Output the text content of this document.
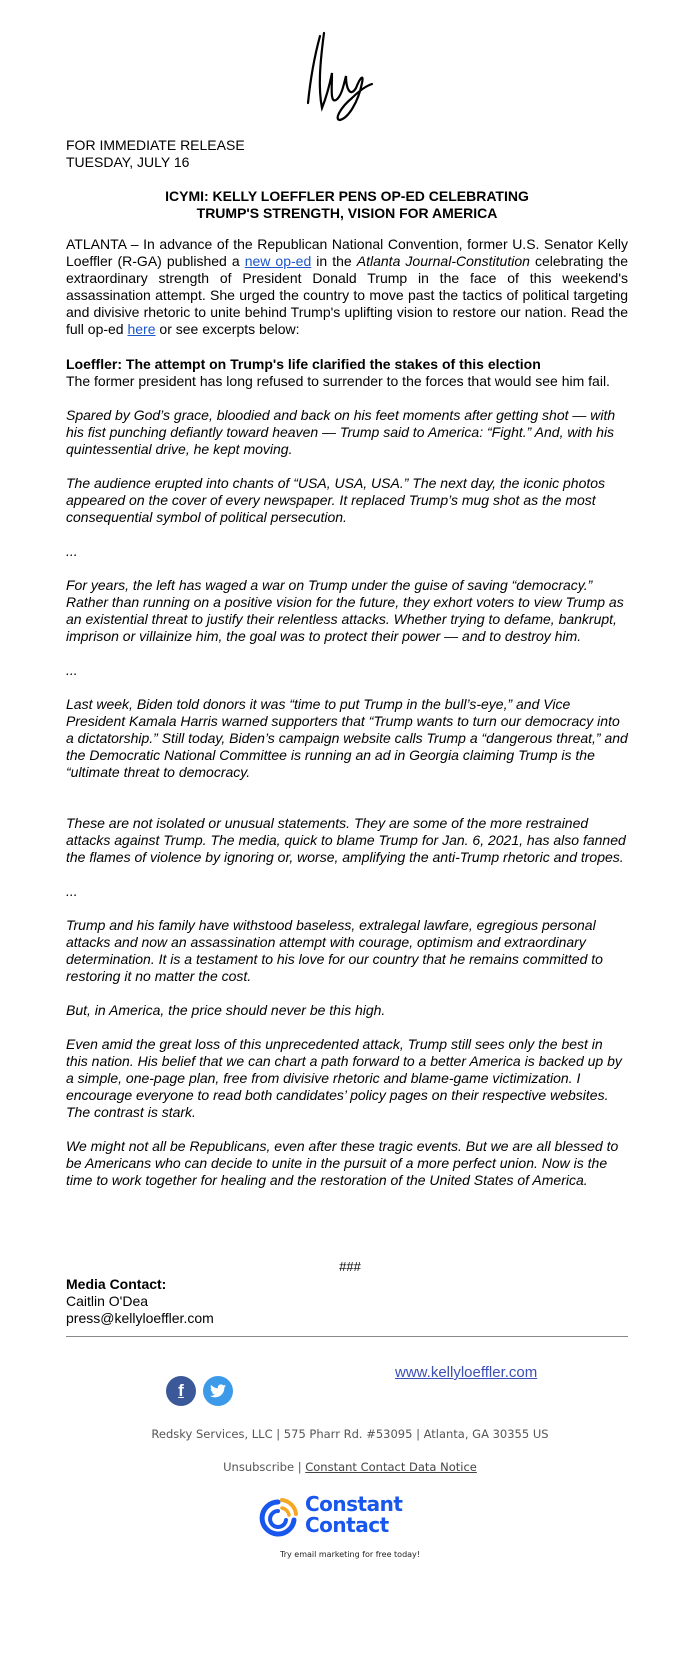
FOR IMMEDIATE RELEASE
TUESDAY, JULY 16
ICYMI: KELLY LOEFFLER PENS OP-ED CELEBRATING
TRUMP'S STRENGTH, VISION FOR AMERICA
ATLANTA – In advance of the Republican National Convention, former U.S. Senator Kelly Loeffler (R-GA) published a new op-ed in the Atlanta Journal-Constitution celebrating the extraordinary strength of President Donald Trump in the face of this weekend's assassination attempt. She urged the country to move past the tactics of political targeting and divisive rhetoric to unite behind Trump's uplifting vision to restore our nation. Read the full op-ed here or see excerpts below:

Loeffler: The attempt on Trump's life clarified the stakes of this election
The former president has long refused to surrender to the forces that would see him fail.

Spared by God’s grace, bloodied and back on his feet moments after getting shot — with his fist punching defiantly toward heaven — Trump said to America: “Fight.” And, with his quintessential drive, he kept moving.

The audience erupted into chants of “USA, USA, USA.” The next day, the iconic photos appeared on the cover of every newspaper. It replaced Trump’s mug shot as the most consequential symbol of political persecution.

...

For years, the left has waged a war on Trump under the guise of saving “democracy.” Rather than running on a positive vision for the future, they exhort voters to view Trump as an existential threat to justify their relentless attacks. Whether trying to defame, bankrupt, imprison or villainize him, the goal was to protect their power — and to destroy him.

...

Last week, Biden told donors it was “time to put Trump in the bull’s-eye,” and Vice President Kamala Harris warned supporters that “Trump wants to turn our democracy into a dictatorship.” Still today, Biden’s campaign website calls Trump a “dangerous threat,” and the Democratic National Committee is running an ad in Georgia claiming Trump is the “ultimate threat to democracy.

These are not isolated or unusual statements. They are some of the more restrained attacks against Trump. The media, quick to blame Trump for Jan. 6, 2021, has also fanned the flames of violence by ignoring or, worse, amplifying the anti-Trump rhetoric and tropes.

...

Trump and his family have withstood baseless, extralegal lawfare, egregious personal attacks and now an assassination attempt with courage, optimism and extraordinary determination. It is a testament to his love for our country that he remains committed to restoring it no matter the cost.

But, in America, the price should never be this high.

Even amid the great loss of this unprecedented attack, Trump still sees only the best in this nation. His belief that we can chart a path forward to a better America is backed up by a simple, one-page plan, free from divisive rhetoric and blame-game victimization. I encourage everyone to read both candidates’ policy pages on their respective websites. The contrast is stark.

We might not all be Republicans, even after these tragic events. But we are all blessed to be Americans who can decide to unite in the pursuit of a more perfect union. Now is the time to work together for healing and the restoration of the United States of America.

###
Media Contact:
Caitlin O'Dea
press@kellyloeffler.com
f
www.kellyloeffler.com
Redsky Services, LLC | 575 Pharr Rd. #53095 | Atlanta, GA 30355 US
Unsubscribe | Constant Contact Data Notice
Constant
Contact
Try email marketing for free today!
